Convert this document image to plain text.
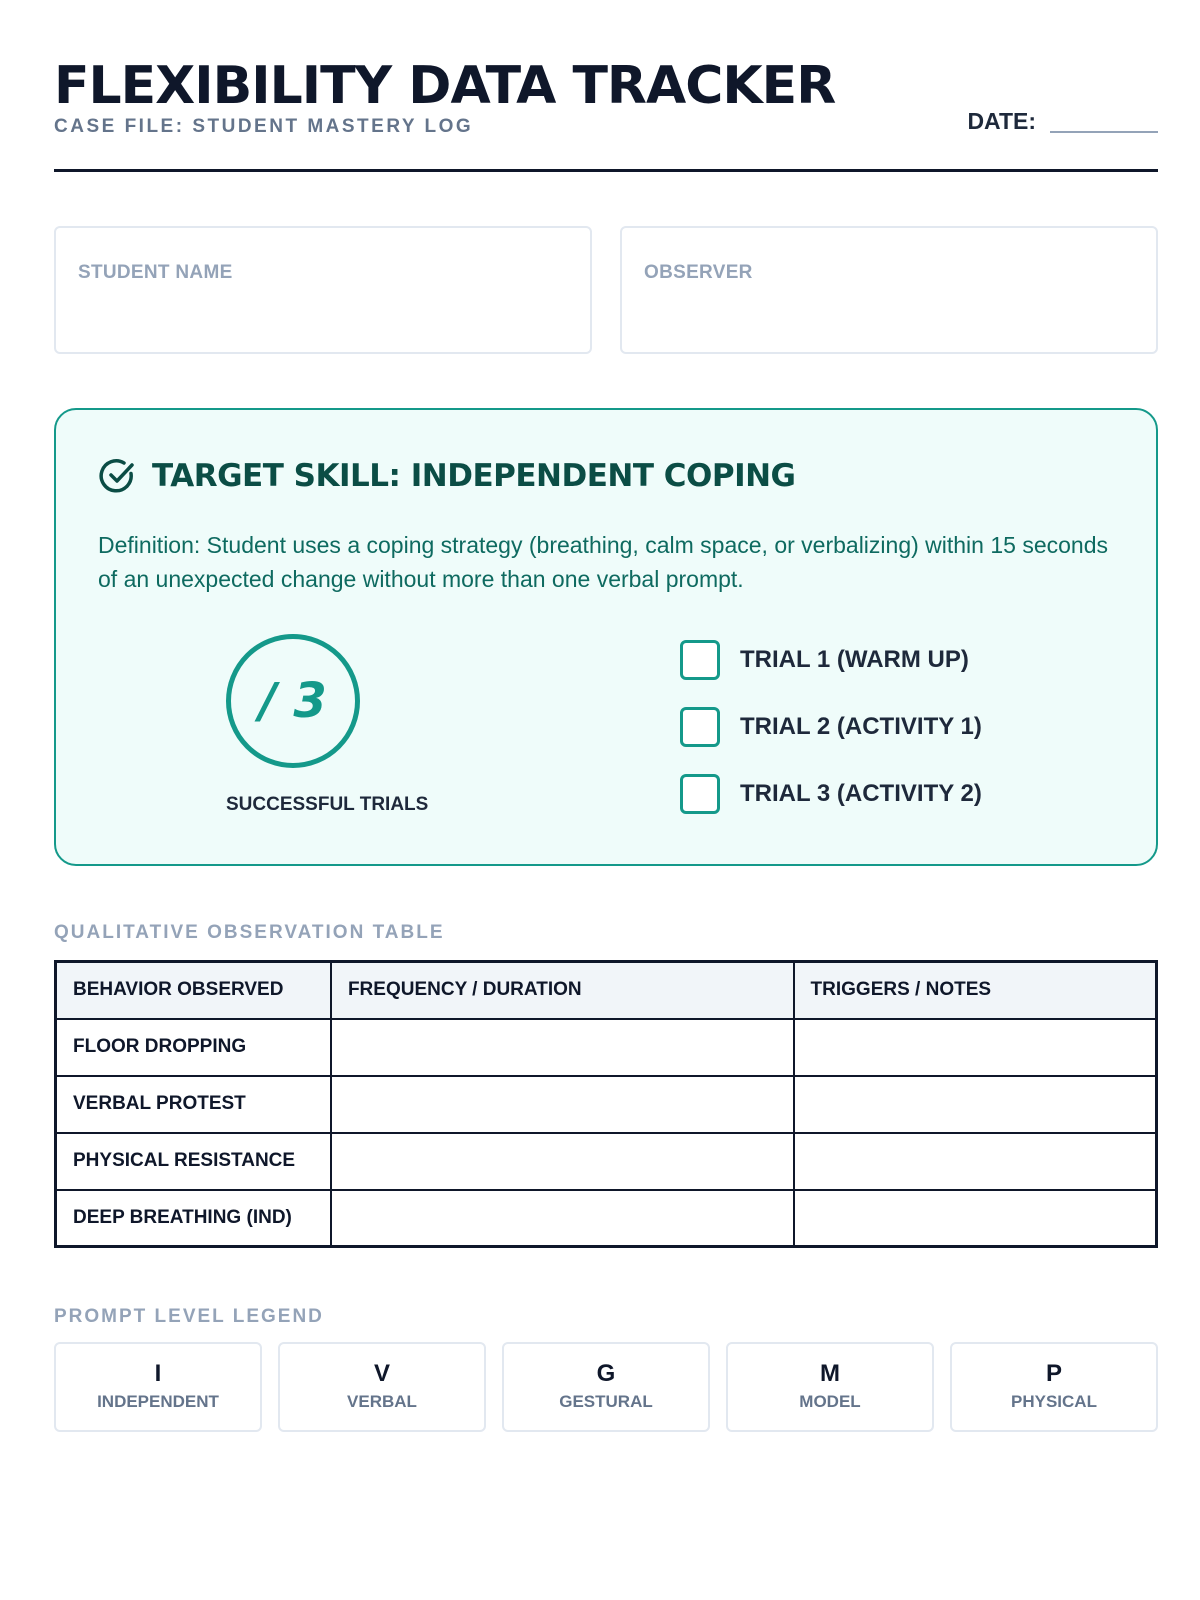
FLEXIBILITY DATA TRACKER
CASE FILE: STUDENT MASTERY LOG	DATE:
STUDENT NAME	OBSERVER
TARGET SKILL: INDEPENDENT COPING
Definition: Student uses a coping strategy (breathing, calm space, or verbalizing) within 15 seconds of an unexpected change without more than one verbal prompt.
/ 3
SUCCESSFUL TRIALS
TRIAL 1 (WARM UP)
TRIAL 2 (ACTIVITY 1)
TRIAL 3 (ACTIVITY 2)
QUALITATIVE OBSERVATION TABLE
BEHAVIOR OBSERVED	FREQUENCY / DURATION	TRIGGERS / NOTES
FLOOR DROPPING		
VERBAL PROTEST		
PHYSICAL RESISTANCE		
DEEP BREATHING (IND)		
PROMPT LEVEL LEGEND
I
INDEPENDENT
V
VERBAL
G
GESTURAL
M
MODEL
P
PHYSICAL
